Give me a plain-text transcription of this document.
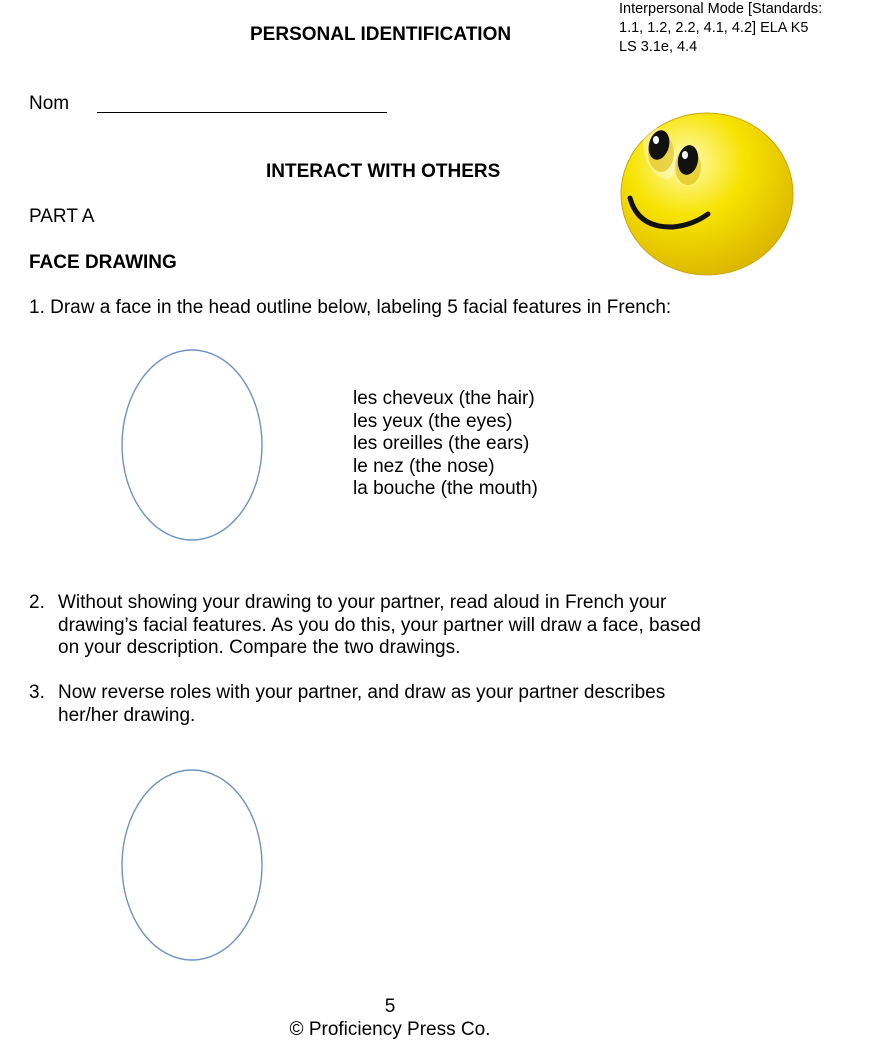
PERSONAL IDENTIFICATION
Interpersonal Mode [Standards:
1.1, 1.2, 2.2, 4.1, 4.2] ELA K5
LS 3.1e, 4.4
Nom
INTERACT WITH OTHERS
PART A
FACE DRAWING
1. Draw a face in the head outline below, labeling 5 facial features in French:
les cheveux (the hair)
les yeux (the eyes)
les oreilles (the ears)
le nez (the nose)
la bouche (the mouth)
2. Without showing your drawing to your partner, read aloud in French your
drawing’s facial features. As you do this, your partner will draw a face, based
on your description. Compare the two drawings.
3. Now reverse roles with your partner, and draw as your partner describes
her/her drawing.
5
© Proficiency Press Co.
